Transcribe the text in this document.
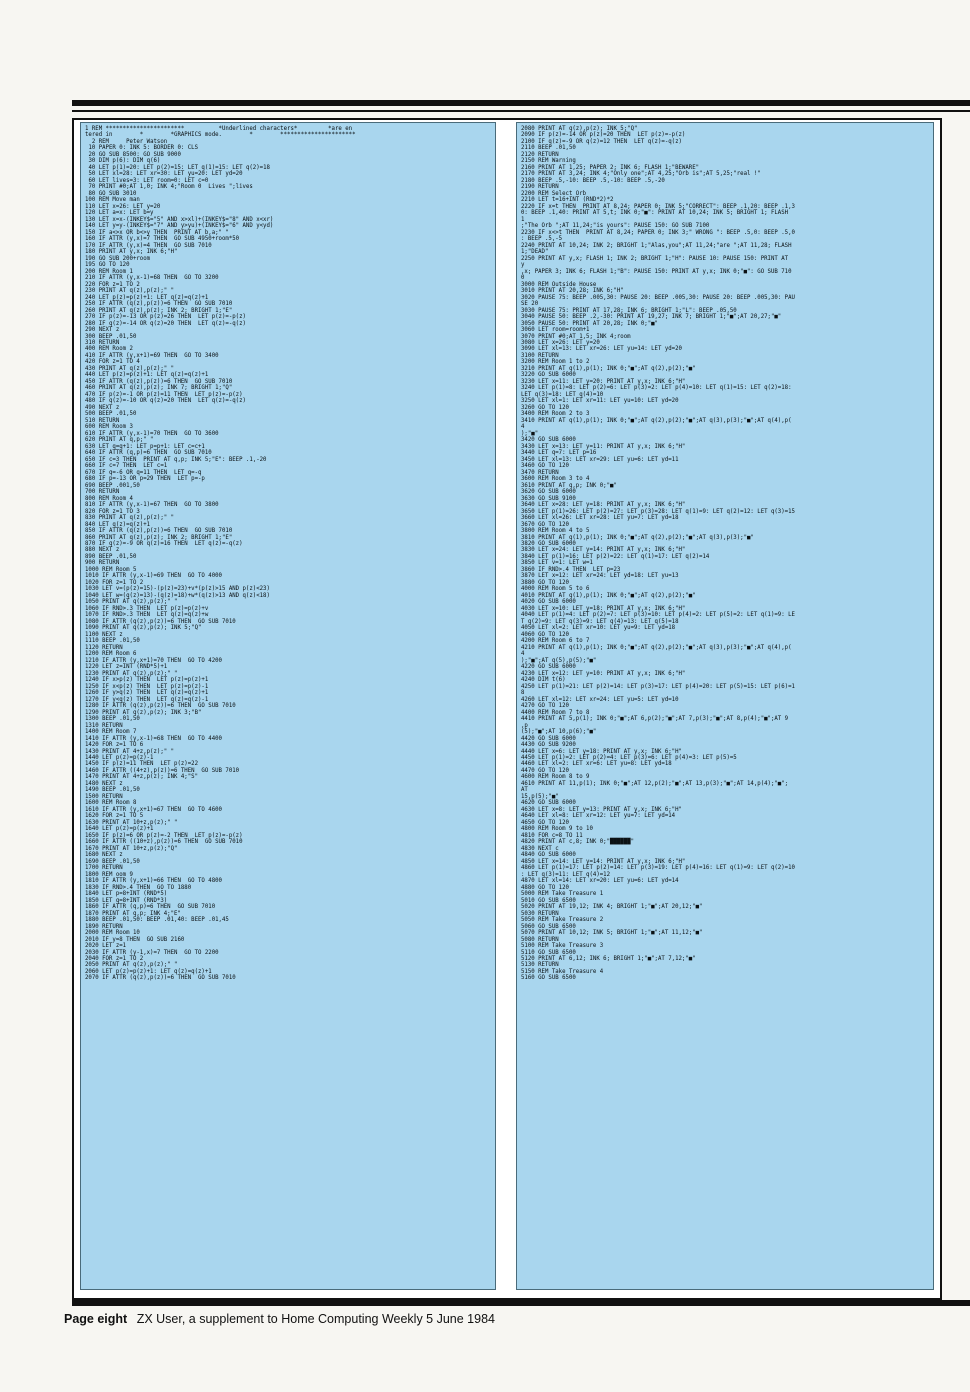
1 REM ***********************          *Underlined characters*         *are en
tered in        *        *GRAPHICS mode.        *        **********************
2 REM     Peter Watson
10 PAPER 0: INK 5: BORDER 0: CLS
20 GO SUB 8500: GO SUB 9000
30 DIM p(6): DIM q(6)
40 LET p(1)=20: LET p(2)=15: LET q(1)=15: LET q(2)=18
50 LET xl=28: LET xr=30: LET yu=20: LET yd=20
60 LET lives=3: LET room=0: LET c=0
70 PRINT #0;AT 1,0; INK 4;"Room 0  Lives ";lives
80 GO SUB 3010
100 REM Move man
110 LET x=26: LET y=20
120 LET a=x: LET b=y
130 LET x=x-(INKEY$="5" AND x>xl)+(INKEY$="8" AND x<xr)
140 LET y=y-(INKEY$="7" AND y>yu)+(INKEY$="6" AND y<yd)
150 IF a<>x OR b<>y THEN  PRINT AT b,a;" "
160 IF ATTR (y,x)=7 THEN  GO SUB 4950+room*50
170 IF ATTR (y,x)=4 THEN  GO SUB 7010
180 PRINT AT y,x; INK 6;"H"
190 GO SUB 200+room
195 GO TO 120
200 REM Room 1
210 IF ATTR (y,x-1)=68 THEN  GO TO 3200
220 FOR z=1 TO 2
230 PRINT AT q(z),p(z);" "
240 LET p(z)=p(z)+1: LET q(z)=q(z)+1
250 IF ATTR (q(z),p(z))=6 THEN  GO SUB 7010
260 PRINT AT q(z),p(z); INK 2; BRIGHT 1;"E"
270 IF p(z)=-13 OR p(z)=26 THEN  LET p(z)=-p(z)
280 IF q(z)=-14 OR q(z)=20 THEN  LET q(z)=-q(z)
290 NEXT z
300 BEEP .01,50
310 RETURN
400 REM Room 2
410 IF ATTR (y,x+1)=69 THEN  GO TO 3400
420 FOR z=1 TO 4
430 PRINT AT q(z),p(z);" "
440 LET p(z)=p(z)+1: LET q(z)=q(z)+1
450 IF ATTR (q(z),p(z))=6 THEN  GO SUB 7010
460 PRINT AT q(z),p(z); INK 7; BRIGHT 1;"Q"
470 IF p(z)=-1 OR p(z)=11 THEN  LET p(z)=-p(z)
480 IF q(z)=-10 OR q(z)=20 THEN  LET q(z)=-q(z)
490 NEXT z
500 BEEP .01,50
510 RETURN
600 REM Room 3
610 IF ATTR (y,x-1)=70 THEN  GO TO 3600
620 PRINT AT q,p;" "
630 LET q=q+1: LET p=p+1: LET c=c+1
640 IF ATTR (q,p)=6 THEN  GO SUB 7010
650 IF c=3 THEN  PRINT AT q,p; INK 5;"E": BEEP .1,-20
660 IF c=7 THEN  LET c=1
670 IF q=-6 OR q=11 THEN  LET q=-q
680 IF p=-13 OR p=29 THEN  LET p=-p
690 BEEP .001,50
700 RETURN
800 REM Room 4
810 IF ATTR (y,x-1)=67 THEN  GO TO 3800
820 FOR z=1 TO 3
830 PRINT AT q(z),p(z);" "
840 LET q(z)=q(z)+1
850 IF ATTR (q(z),p(z))=6 THEN  GO SUB 7010
860 PRINT AT q(z),p(z); INK 2; BRIGHT 1;"E"
870 IF q(z)=-9 OR q(z)=16 THEN  LET q(z)=-q(z)
880 NEXT z
890 BEEP .01,50
900 RETURN
1000 REM Room 5
1010 IF ATTR (y,x-1)=69 THEN  GO TO 4000
1020 FOR z=1 TO 2
1030 LET v=(p(z)=15)-(p(z)=23)+v*(p(z)>15 AND p(z)<23)
1040 LET w=(q(z)=13)-(q(z)=18)+w*(q(z)>13 AND q(z)<18)
1050 PRINT AT q(z),p(z);" "
1060 IF RND>.3 THEN  LET p(z)=p(z)+v
1070 IF RND>.3 THEN  LET q(z)=q(z)+w
1080 IF ATTR (q(z),p(z))=6 THEN  GO SUB 7010
1090 PRINT AT q(z),p(z); INK 5;"Q"
1100 NEXT z
1110 BEEP .01,50
1120 RETURN
1200 REM Room 6
1210 IF ATTR (y,x+1)=70 THEN  GO TO 4200
1220 LET z=INT (RND*5)+1
1230 PRINT AT q(z),p(z);" "
1240 IF x>p(z) THEN  LET p(z)=p(z)+1
1250 IF x<p(z) THEN  LET p(z)=p(z)-1
1260 IF y>q(z) THEN  LET q(z)=q(z)+1
1270 IF y<q(z) THEN  LET q(z)=q(z)-1
1280 IF ATTR (q(z),p(z))=6 THEN  GO SUB 7010
1290 PRINT AT q(z),p(z); INK 3;"B"
1300 BEEP .01,50
1310 RETURN
1400 REM Room 7
1410 IF ATTR (y,x-1)=68 THEN  GO TO 4400
1420 FOR z=1 TO 6
1430 PRINT AT 4+z,p(z);" "
1440 LET p(z)=p(z)-1
1450 IF p(z)=11 THEN  LET p(z)=22
1460 IF ATTR ((4+z),p(z))=6 THEN  GO SUB 7010
1470 PRINT AT 4+z,p(z); INK 4;"S"
1480 NEXT z
1490 BEEP .01,50
1500 RETURN
1600 REM Room 8
1610 IF ATTR (y,x+1)=67 THEN  GO TO 4600
1620 FOR z=1 TO 5
1630 PRINT AT 10+z,p(z);" "
1640 LET p(z)=p(z)+1
1650 IF p(z)=6 OR p(z)=-2 THEN  LET p(z)=-p(z)
1660 IF ATTR ((10+z),p(z))=6 THEN  GO SUB 7010
1670 PRINT AT 10+z,p(z);"Q"
1680 NEXT z
1690 BEEP .01,50
1700 RETURN
1800 REM oom 9
1810 IF ATTR (y,x+1)=66 THEN  GO TO 4800
1830 IF RND>.4 THEN  GO TO 1880
1840 LET p=8+INT (RND*5)
1850 LET q=8+INT (RND*3)
1860 IF ATTR (q,p)=6 THEN  GO SUB 7010
1870 PRINT AT q,p; INK 4;"E"
1880 BEEP .01,50: BEEP .01,40: BEEP .01,45
1890 RETURN
2000 REM Room 10
2010 IF y=8 THEN  GO SUB 2160
2020 LET z=1
2030 IF ATTR (y-1,x)=7 THEN  GO TO 2200
2040 FOR z=1 TO 2
2050 PRINT AT q(z),p(z);" "
2060 LET p(z)=p(z)+1: LET q(z)=q(z)+1
2070 IF ATTR (q(z),p(z))=6 THEN  GO SUB 7010
2080 PRINT AT q(z),p(z); INK 5;"Q"
2090 IF p(z)=-14 OR p(z)=20 THEN  LET p(z)=-p(z)
2100 IF q(z)=-9 OR q(z)=12 THEN  LET q(z)=-q(z)
2110 BEEP .01,50
2120 RETURN
2150 REM Warning
2160 PRINT AT 1,25; PAPER 2; INK 6; FLASH 1;"BEWARE"
2170 PRINT AT 3,24; INK 4;"Only one";AT 4,25;"Orb is";AT 5,25;"real !"
2180 BEEP .5,-10: BEEP .5,-10: BEEP .5,-20
2190 RETURN
2200 REM Select Orb
2210 LET t=16+INT (RND*2)*2
2220 IF x=t THEN  PRINT AT 8,24; PAPER 0; INK 5;"CORRECT": BEEP .1,20: BEEP .1,3
0: BEEP .1,40: PRINT AT 5,t; INK 0;"■": PRINT AT 10,24; INK 5; BRIGHT 1; FLASH
1
;"The Orb ";AT 11,24;"is yours": PAUSE 150: GO SUB 7100
2230 IF x<>t THEN  PRINT AT 8,24; PAPER 0; INK 3;" WRONG ": BEEP .5,0: BEEP .5,0
: BEEP .5,-5
2240 PRINT AT 10,24; INK 2; BRIGHT 1;"Alas,you";AT 11,24;"are ";AT 11,28; FLASH
1;"DEAD"
2250 PRINT AT y,x; FLASH 1; INK 2; BRIGHT 1;"H": PAUSE 10: PAUSE 150: PRINT AT
y
,x; PAPER 3; INK 6; FLASH 1;"B": PAUSE 150: PRINT AT y,x; INK 0;"■": GO SUB 710
0
3000 REM Outside House
3010 PRINT AT 20,28; INK 6;"H"
3020 PAUSE 75: BEEP .005,30: PAUSE 20: BEEP .005,30: PAUSE 20: BEEP .005,30: PAU
SE 20
3030 PAUSE 75: PRINT AT 17,28; INK 6; BRIGHT 1;"L": BEEP .05,50
3040 PAUSE 50: BEEP .2,-30: PRINT AT 19,27; INK 7; BRIGHT 1;"■";AT 20,27;"■"
3050 PAUSE 50: PRINT AT 20,28; INK 0;"■"
3060 LET room=room+1
3070 PRINT #0;AT 1,5; INK 4;room
3080 LET x=26: LET y=20
3090 LET xl=13: LET xr=26: LET yu=14: LET yd=20
3100 RETURN
3200 REM Room 1 to 2
3210 PRINT AT q(1),p(1); INK 0;"■";AT q(2),p(2);"■"
3220 GO SUB 6000
3230 LET x=11: LET y=20: PRINT AT y,x; INK 6;"H"
3240 LET p(1)=8: LET p(2)=6: LET p(3)=2: LET p(4)=10: LET q(1)=15: LET q(2)=18:
LET q(3)=18: LET q(4)=10
3250 LET xl=1: LET xr=11: LET yu=10: LET yd=20
3260 GO TO 120
3400 REM Room 2 to 3
3410 PRINT AT q(1),p(1); INK 0;"■";AT q(2),p(2);"■";AT q(3),p(3);"■";AT q(4),p(
4
);"■"
3420 GO SUB 6000
3430 LET x=13: LET y=11: PRINT AT y,x; INK 6;"H"
3440 LET q=7: LET p=16
3450 LET xl=13: LET xr=29: LET yu=6: LET yd=11
3460 GO TO 120
3470 RETURN
3600 REM Room 3 to 4
3610 PRINT AT q,p; INK 0;"■"
3620 GO SUB 6000
3630 GO SUB 9100
3640 LET x=28: LET y=18: PRINT AT y,x; INK 6;"H"
3650 LET p(1)=26: LET p(2)=27: LET p(3)=28: LET q(1)=9: LET q(2)=12: LET q(3)=15
3660 LET xl=26: LET xr=28: LET yu=7: LET yd=18
3670 GO TO 120
3800 REM Room 4 to 5
3810 PRINT AT q(1),p(1); INK 0;"■";AT q(2),p(2);"■";AT q(3),p(3);"■"
3820 GO SUB 6000
3830 LET x=24: LET y=14: PRINT AT y,x; INK 6;"H"
3840 LET p(1)=16: LET p(2)=22: LET q(1)=17: LET q(2)=14
3850 LET v=1: LET w=1
3860 IF RND>.4 THEN  LET p=23
3870 LET x=12: LET xr=24: LET yd=18: LET yu=13
3880 GO TO 120
4000 REM Room 5 to 6
4010 PRINT AT q(1),p(1); INK 0;"■";AT q(2),p(2);"■"
4020 GO SUB 6000
4030 LET x=10: LET y=18: PRINT AT y,x; INK 6;"H"
4040 LET p(1)=4: LET p(2)=7: LET p(3)=10: LET p(4)=2: LET p(5)=2: LET q(1)=9: LE
T q(2)=9: LET q(3)=9: LET q(4)=13: LET q(5)=18
4050 LET xl=2: LET xr=10: LET yu=9: LET yd=18
4060 GO TO 120
4200 REM Room 6 to 7
4210 PRINT AT q(1),p(1); INK 0;"■";AT q(2),p(2);"■";AT q(3),p(3);"■";AT q(4),p(
4
);"■";AT q(5),p(5);"■"
4220 GO SUB 6000
4230 LET x=12: LET y=10: PRINT AT y,x; INK 6;"H"
4240 DIM t(6)
4250 LET p(1)=21: LET p(2)=14: LET p(3)=17: LET p(4)=20: LET p(5)=15: LET p(6)=1
8
4260 LET xl=12: LET xr=24: LET yu=5: LET yd=10
4270 GO TO 120
4400 REM Room 7 to 8
4410 PRINT AT 5,p(1); INK 0;"■";AT 6,p(2);"■";AT 7,p(3);"■";AT 8,p(4);"■";AT 9
,p
(5);"■";AT 10,p(6);"■"
4420 GO SUB 6000
4430 GO SUB 9200
4440 LET x=6: LET y=18: PRINT AT y,x; INK 6;"H"
4450 LET p(1)=2: LET p(2)=4: LET p(3)=6: LET p(4)=3: LET p(5)=5
4460 LET xl=2: LET xr=6: LET yu=8: LET yd=18
4470 GO TO 120
4600 REM Room 8 to 9
4610 PRINT AT 11,p(1); INK 0;"■";AT 12,p(2);"■";AT 13,p(3);"■";AT 14,p(4);"■";
AT
15,p(5);"■"
4620 GO SUB 6000
4630 LET x=8: LET y=13: PRINT AT y,x; INK 6;"H"
4640 LET xl=8: LET xr=12: LET yu=7: LET yd=14
4650 GO TO 120
4800 REM Room 9 to 10
4810 FOR c=8 TO 11
4820 PRINT AT c,8; INK 0;"██████"
4830 NEXT c
4840 GO SUB 6000
4850 LET x=14: LET y=14: PRINT AT y,x; INK 6;"H"
4860 LET p(1)=17: LET p(2)=14: LET p(3)=19: LET p(4)=16: LET q(1)=9: LET q(2)=10
: LET q(3)=11: LET q(4)=12
4870 LET xl=14: LET xr=20: LET yu=6: LET yd=14
4880 GO TO 120
5000 REM Take Treasure 1
5010 GO SUB 6500
5020 PRINT AT 19,12; INK 4; BRIGHT 1;"■";AT 20,12;"■"
5030 RETURN
5050 REM Take Treasure 2
5060 GO SUB 6500
5070 PRINT AT 10,12; INK 5; BRIGHT 1;"■";AT 11,12;"■"
5080 RETURN
5100 REM Take Treasure 3
5110 GO SUB 6500
5120 PRINT AT 6,12; INK 6; BRIGHT 1;"■";AT 7,12;"■"
5130 RETURN
5150 REM Take Treasure 4
5160 GO SUB 6500
Page eight ZX User, a supplement to Home Computing Weekly 5 June 1984
